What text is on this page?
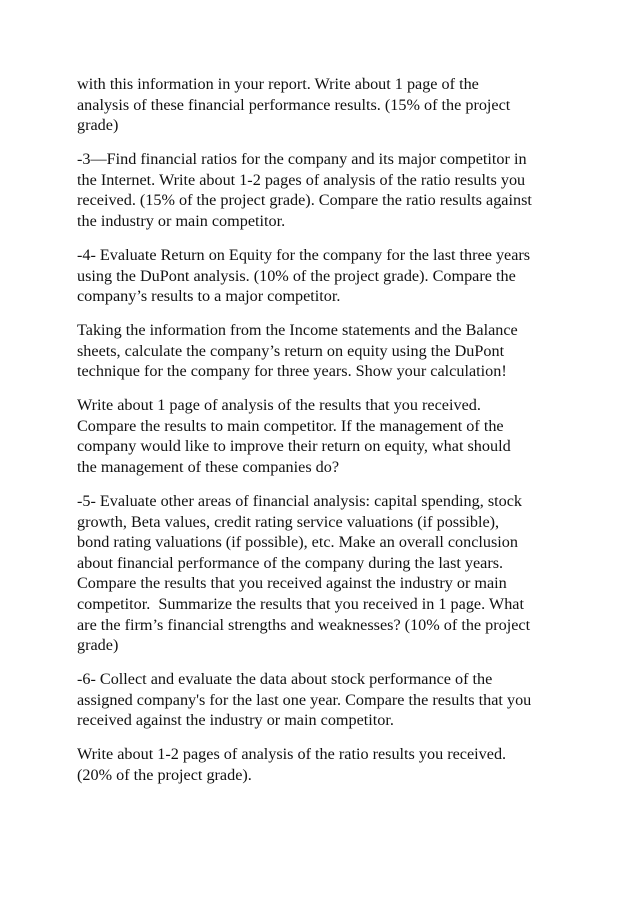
with this information in your report. Write about 1 page of the
analysis of these financial performance results. (15% of the project
grade)

-3—Find financial ratios for the company and its major competitor in
the Internet. Write about 1-2 pages of analysis of the ratio results you
received. (15% of the project grade). Compare the ratio results against
the industry or main competitor.

-4- Evaluate Return on Equity for the company for the last three years
using the DuPont analysis. (10% of the project grade). Compare the
company’s results to a major competitor.

Taking the information from the Income statements and the Balance
sheets, calculate the company’s return on equity using the DuPont
technique for the company for three years. Show your calculation!

Write about 1 page of analysis of the results that you received.
Compare the results to main competitor. If the management of the
company would like to improve their return on equity, what should
the management of these companies do?

-5- Evaluate other areas of financial analysis: capital spending, stock
growth, Beta values, credit rating service valuations (if possible),
bond rating valuations (if possible), etc. Make an overall conclusion
about financial performance of the company during the last years.
Compare the results that you received against the industry or main
competitor.  Summarize the results that you received in 1 page. What
are the firm’s financial strengths and weaknesses? (10% of the project
grade)

-6- Collect and evaluate the data about stock performance of the
assigned company's for the last one year. Compare the results that you
received against the industry or main competitor.

Write about 1-2 pages of analysis of the ratio results you received.
(20% of the project grade).
